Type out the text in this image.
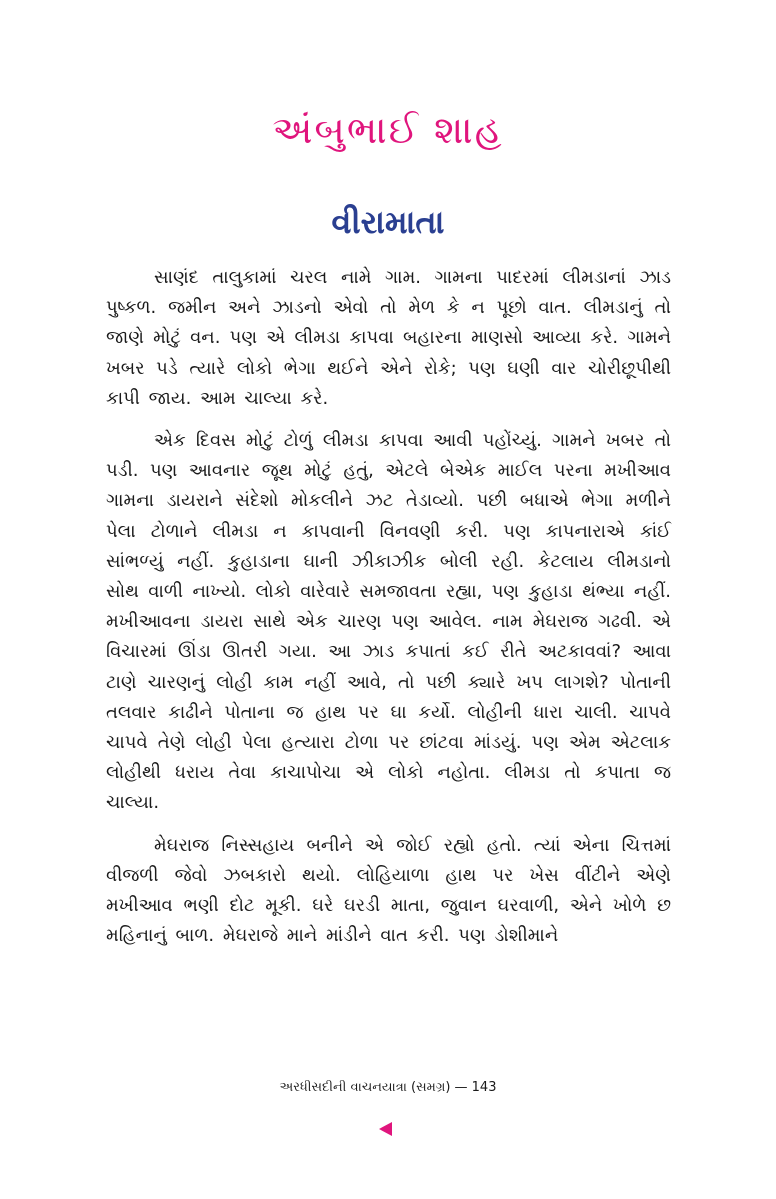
અંબુભાઈ શાહ
વીરામાતા

સાણંદ તાલુકામાં ચરલ નામે ગામ. ગામના પાદરમાં લીમડાનાં ઝાડ પુષ્કળ. જમીન અને ઝાડનો એવો તો મેળ કે ન પૂછો વાત. લીમડાનું તો જાણે મોટું વન. પણ એ લીમડા કાપવા બહારના માણસો આવ્યા કરે. ગામને ખબર પડે ત્યારે લોકો ભેગા થઈને એને રોકે; પણ ઘણી વાર ચોરીછૂપીથી કાપી જાય. આમ ચાલ્યા કરે.

એક દિવસ મોટું ટોળું લીમડા કાપવા આવી પહોંચ્યું. ગામને ખબર તો પડી. પણ આવનાર જૂથ મોટું હતું, એટલે બેએક માઈલ પરના મખીઆવ ગામના ડાયરાને સંદેશો મોકલીને ઝટ તેડાવ્યો. પછી બધાએ ભેગા મળીને પેલા ટોળાને લીમડા ન કાપવાની વિનવણી કરી. પણ કાપનારાએ કાંઈ સાંભળ્યું નહીં. કુહાડાના ઘાની ઝીકાઝીક બોલી રહી. કેટલાય લીમડાનો સોથ વાળી નાખ્યો. લોકો વારેવારે સમજાવતા રહ્યા, પણ કુહાડા થંભ્યા નહીં. મખીઆવના ડાયરા સાથે એક ચારણ પણ આવેલ. નામ મેઘરાજ ગઢવી. એ વિચારમાં ઊંડા ઊતરી ગયા. આ ઝાડ કપાતાં કઈ રીતે અટકાવવાં? આવા ટાણે ચારણનું લોહી કામ નહીં આવે, તો પછી ક્યારે ખપ લાગશે? પોતાની તલવાર કાઢીને પોતાના જ હાથ પર ઘા કર્યો. લોહીની ધારા ચાલી. ચાપવે ચાપવે તેણે લોહી પેલા હત્યારા ટોળા પર છાંટવા માંડયું. પણ એમ એટલાક લોહીથી ધરાય તેવા કાચાપોચા એ લોકો નહોતા. લીમડા તો કપાતા જ ચાલ્યા.

મેઘરાજ નિસ્સહાય બનીને એ જોઈ રહ્યો હતો. ત્યાં એના ચિત્તમાં વીજળી જેવો ઝબકારો થયો. લોહિયાળા હાથ પર ખેસ વીંટીને એણે મખીઆવ ભણી દોટ મૂકી. ઘરે ઘરડી માતા, જુવાન ઘરવાળી, એને ખોળે છ મહિનાનું બાળ. મેઘરાજે માને માંડીને વાત કરી. પણ ડોશીમાને

અરધીસદીની વાચનયાત્રા (સમગ્ર) — 143
